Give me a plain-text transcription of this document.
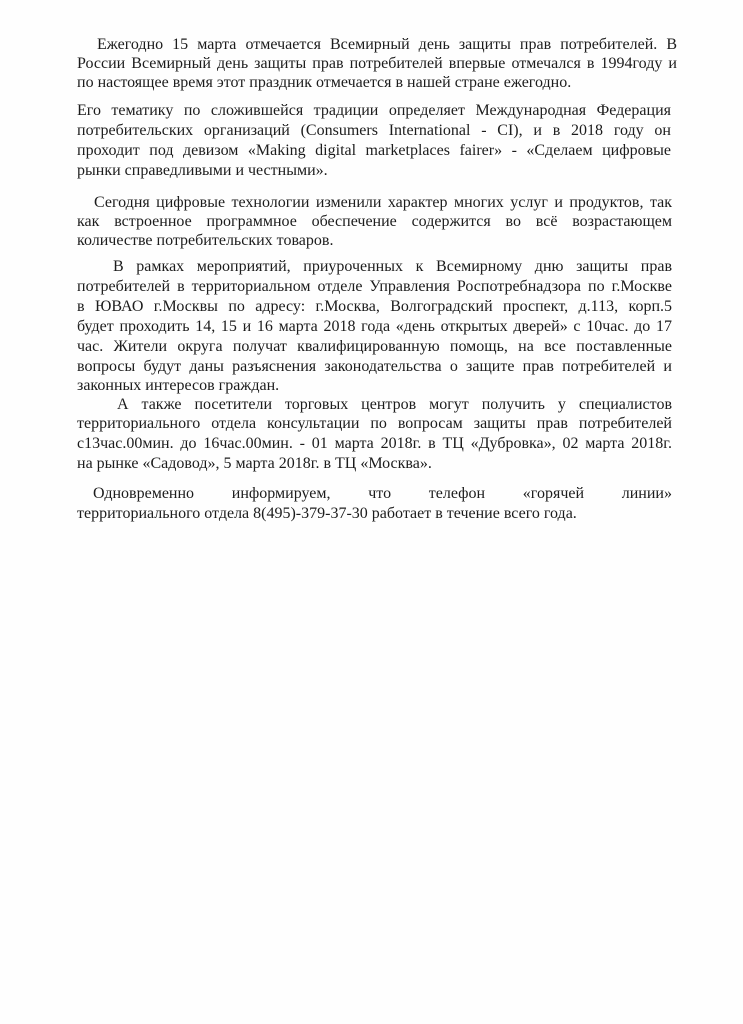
Ежегодно 15 марта отмечается Всемирный день защиты прав потребителей. В
России Всемирный день защиты прав потребителей впервые отмечался в 1994году и
по настоящее время этот праздник отмечается в нашей стране ежегодно.
Его тематику по сложившейся традиции определяет Международная Федерация
потребительских организаций (Consumers International - CI), и в 2018 году он
проходит под девизом «Making digital marketplaces fairer» - «Сделаем цифровые
рынки справедливыми и честными».
Сегодня цифровые технологии изменили характер многих услуг и продуктов, так
как встроенное программное обеспечение содержится во всё возрастающем
количестве потребительских товаров.
В рамках мероприятий, приуроченных к Всемирному дню защиты прав
потребителей в территориальном отделе Управления Роспотребнадзора по г.Москве
в ЮВАО г.Москвы по адресу: г.Москва, Волгоградский проспект, д.113, корп.5
будет проходить 14, 15 и 16 марта 2018 года «день открытых дверей» с 10час. до 17
час. Жители округа получат квалифицированную помощь, на все поставленные
вопросы будут даны разъяснения законодательства о защите прав потребителей и
законных интересов граждан.
А также посетители торговых центров могут получить у специалистов
территориального отдела консультации по вопросам защиты прав потребителей
с13час.00мин. до 16час.00мин. - 01 марта 2018г. в ТЦ «Дубровка», 02 марта 2018г.
на рынке «Садовод», 5 марта 2018г. в ТЦ «Москва».
Одновременно информируем, что телефон «горячей линии»
территориального отдела 8(495)-379-37-30 работает в течение всего года.
